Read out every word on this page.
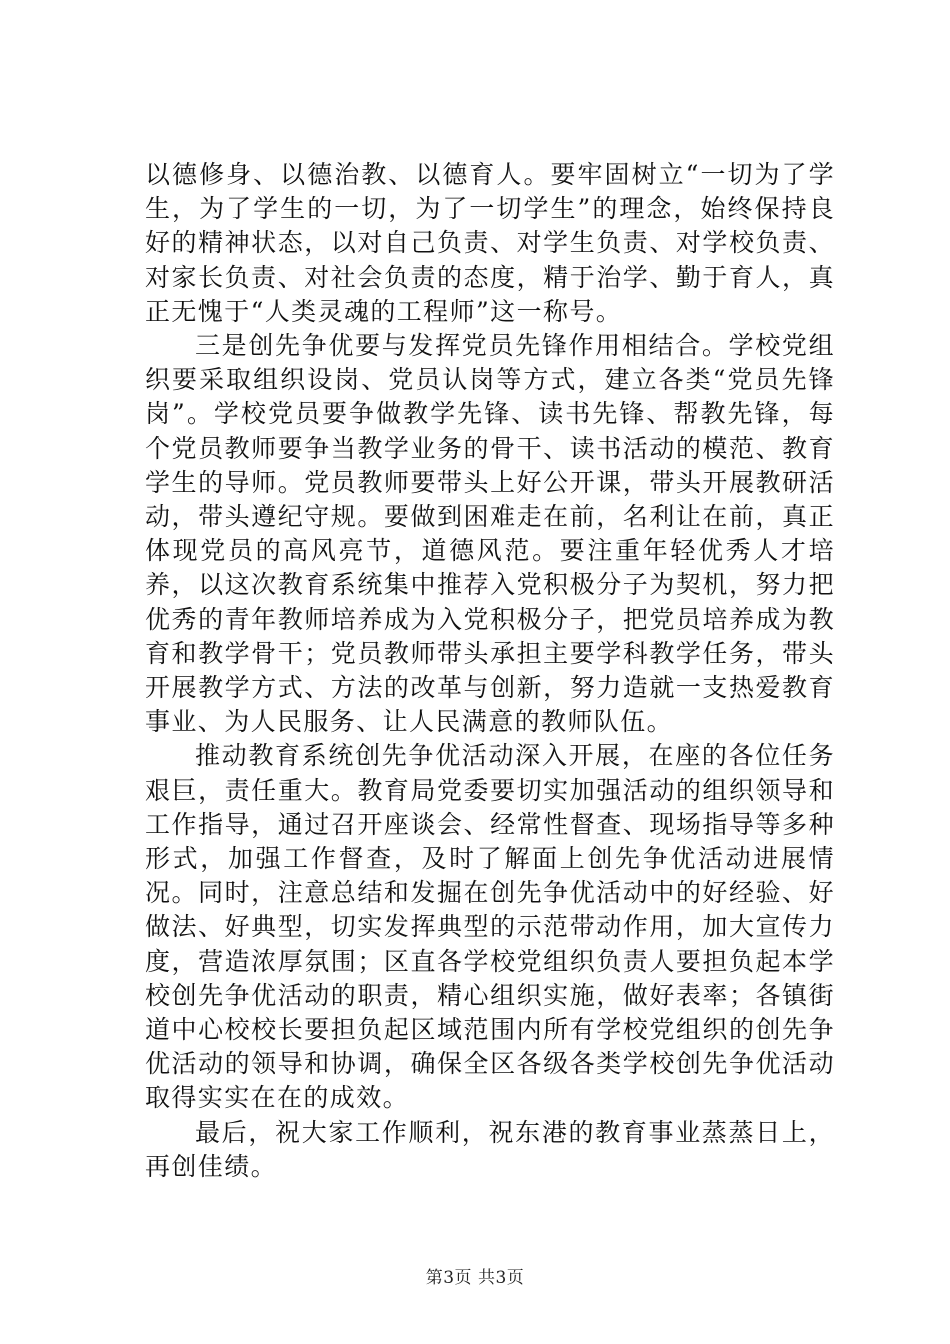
以德修身、以德治教、以德育人。要牢固树立“一切为了学生，为了学生的一切，为了一切学生”的理念，始终保持良好的精神状态，以对自己负责、对学生负责、对学校负责、对家长负责、对社会负责的态度，精于治学、勤于育人，真正无愧于“人类灵魂的工程师”这一称号。

三是创先争优要与发挥党员先锋作用相结合。学校党组织要采取组织设岗、党员认岗等方式，建立各类“党员先锋岗”。学校党员要争做教学先锋、读书先锋、帮教先锋，每个党员教师要争当教学业务的骨干、读书活动的模范、教育学生的导师。党员教师要带头上好公开课，带头开展教研活动，带头遵纪守规。要做到困难走在前，名利让在前，真正体现党员的高风亮节，道德风范。要注重年轻优秀人才培养，以这次教育系统集中推荐入党积极分子为契机，努力把优秀的青年教师培养成为入党积极分子，把党员培养成为教育和教学骨干；党员教师带头承担主要学科教学任务，带头开展教学方式、方法的改革与创新，努力造就一支热爱教育事业、为人民服务、让人民满意的教师队伍。

推动教育系统创先争优活动深入开展，在座的各位任务艰巨，责任重大。教育局党委要切实加强活动的组织领导和工作指导，通过召开座谈会、经常性督查、现场指导等多种形式，加强工作督查，及时了解面上创先争优活动进展情况。同时，注意总结和发掘在创先争优活动中的好经验、好做法、好典型，切实发挥典型的示范带动作用，加大宣传力度，营造浓厚氛围；区直各学校党组织负责人要担负起本学校创先争优活动的职责，精心组织实施，做好表率；各镇街道中心校校长要担负起区域范围内所有学校党组织的创先争优活动的领导和协调，确保全区各级各类学校创先争优活动取得实实在在的成效。

最后，祝大家工作顺利，祝东港的教育事业蒸蒸日上，再创佳绩。

第3页 共3页
